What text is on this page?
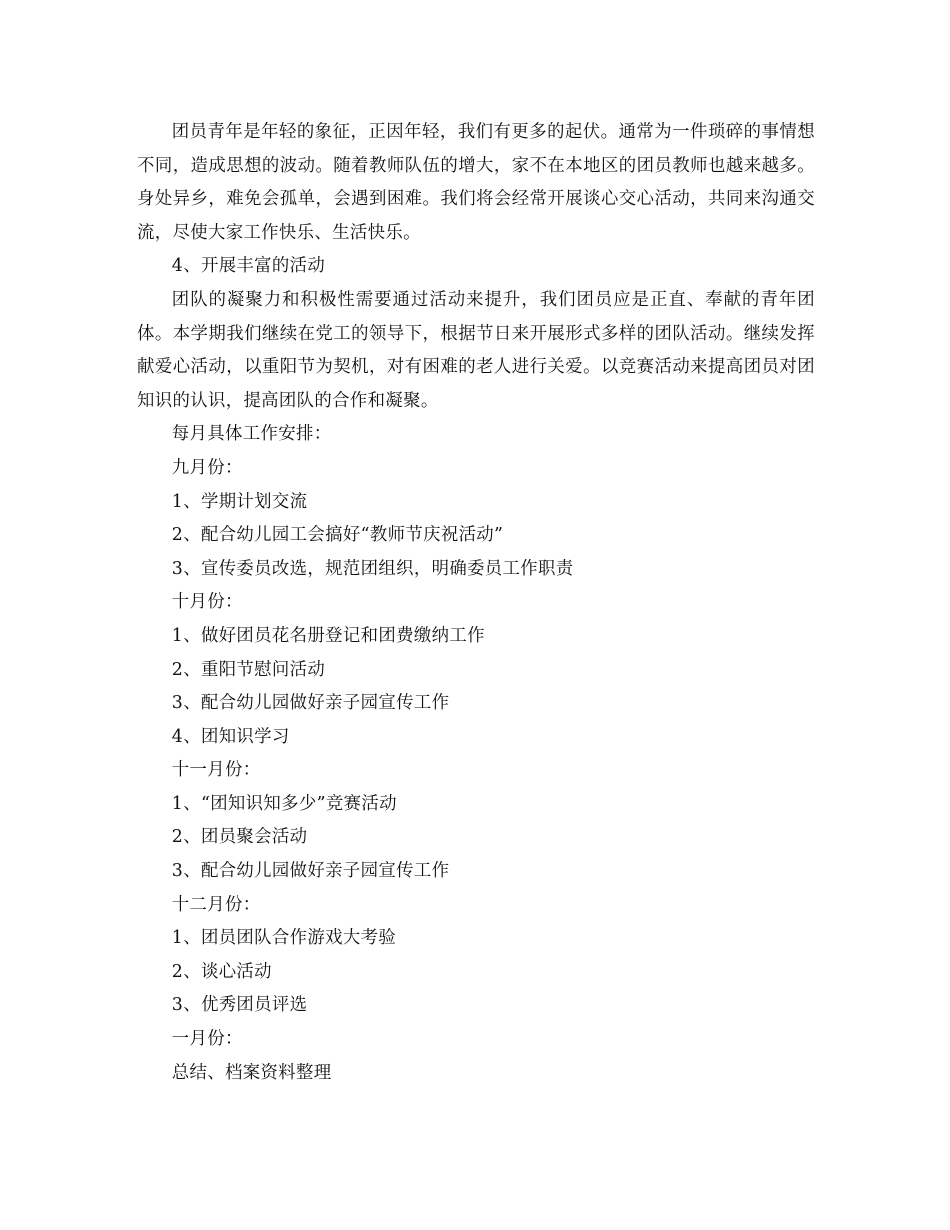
团员青年是年轻的象征，正因年轻，我们有更多的起伏。通常为一件琐碎的事情想不同，造成思想的波动。随着教师队伍的增大，家不在本地区的团员教师也越来越多。身处异乡，难免会孤单，会遇到困难。我们将会经常开展谈心交心活动，共同来沟通交流，尽使大家工作快乐、生活快乐。

4、开展丰富的活动

团队的凝聚力和积极性需要通过活动来提升，我们团员应是正直、奉献的青年团体。本学期我们继续在党工的领导下，根据节日来开展形式多样的团队活动。继续发挥献爱心活动，以重阳节为契机，对有困难的老人进行关爱。以竞赛活动来提高团员对团知识的认识，提高团队的合作和凝聚。

每月具体工作安排：

九月份：

1、学期计划交流

2、配合幼儿园工会搞好“教师节庆祝活动”

3、宣传委员改选，规范团组织，明确委员工作职责

十月份：

1、做好团员花名册登记和团费缴纳工作

2、重阳节慰问活动

3、配合幼儿园做好亲子园宣传工作

4、团知识学习

十一月份：

1、“团知识知多少”竞赛活动

2、团员聚会活动

3、配合幼儿园做好亲子园宣传工作

十二月份：

1、团员团队合作游戏大考验

2、谈心活动

3、优秀团员评选

一月份：

总结、档案资料整理
